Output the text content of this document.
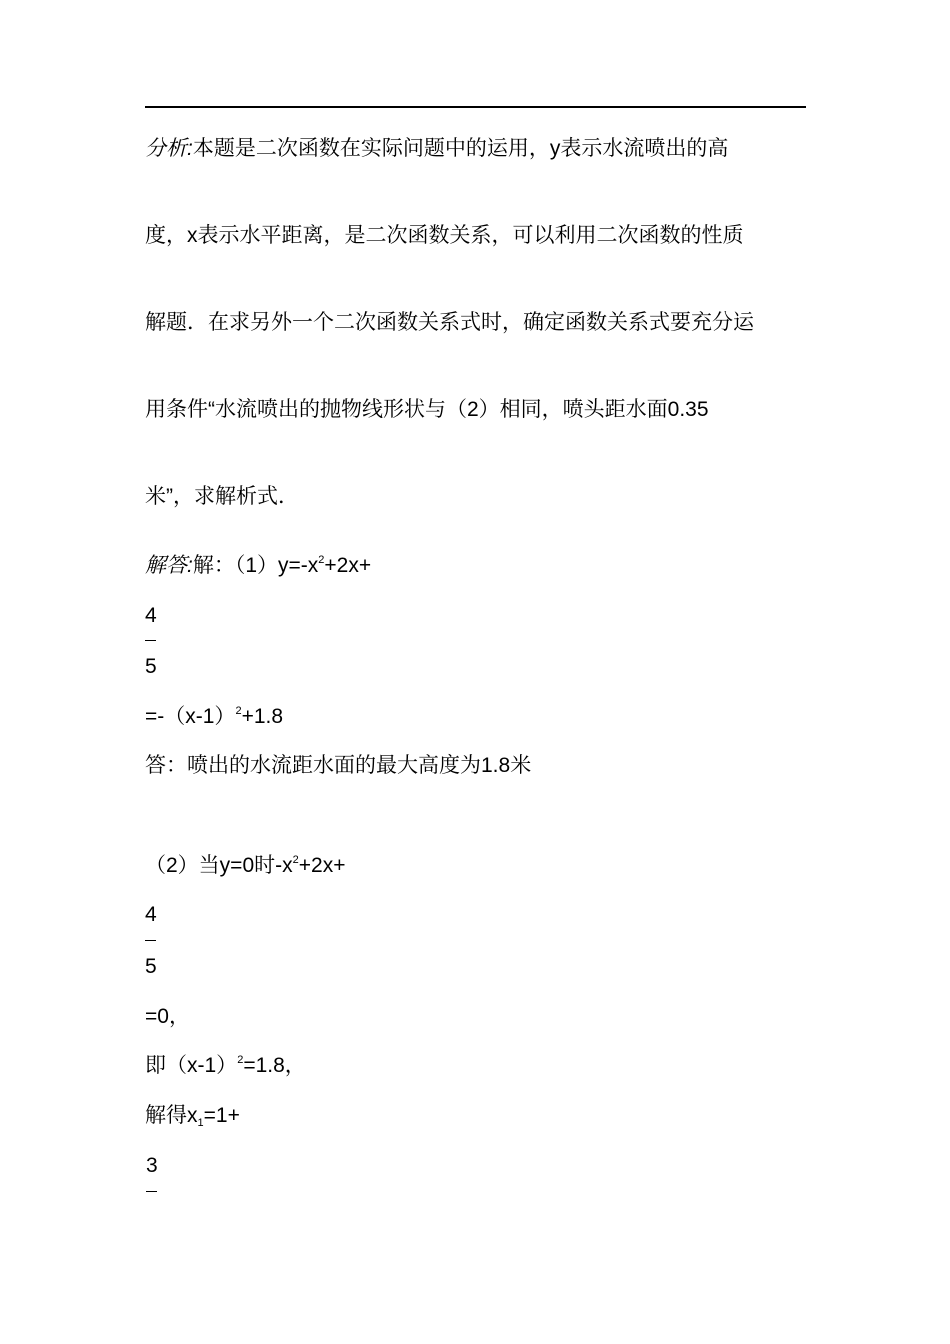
分析:本题是二次函数在实际问题中的运用，y表示水流喷出的高
度，x表示水平距离，是二次函数关系，可以利用二次函数的性质
解题．在求另外一个二次函数关系式时，确定函数关系式要充分运
用条件“水流喷出的抛物线形状与（2）相同，喷头距水面0.35
米”，求解析式．
解答:解：$(1)y=-x^2+2x+$
4
5
$=-(x-1)^2+1.8$
答：喷出的水流距水面的最大高度为1.8米
（2）当y=0时$-x^2+2x+$
4
5
=0，
即$(x-1)^2=1.8$，
解得$x_1=1+$
3
